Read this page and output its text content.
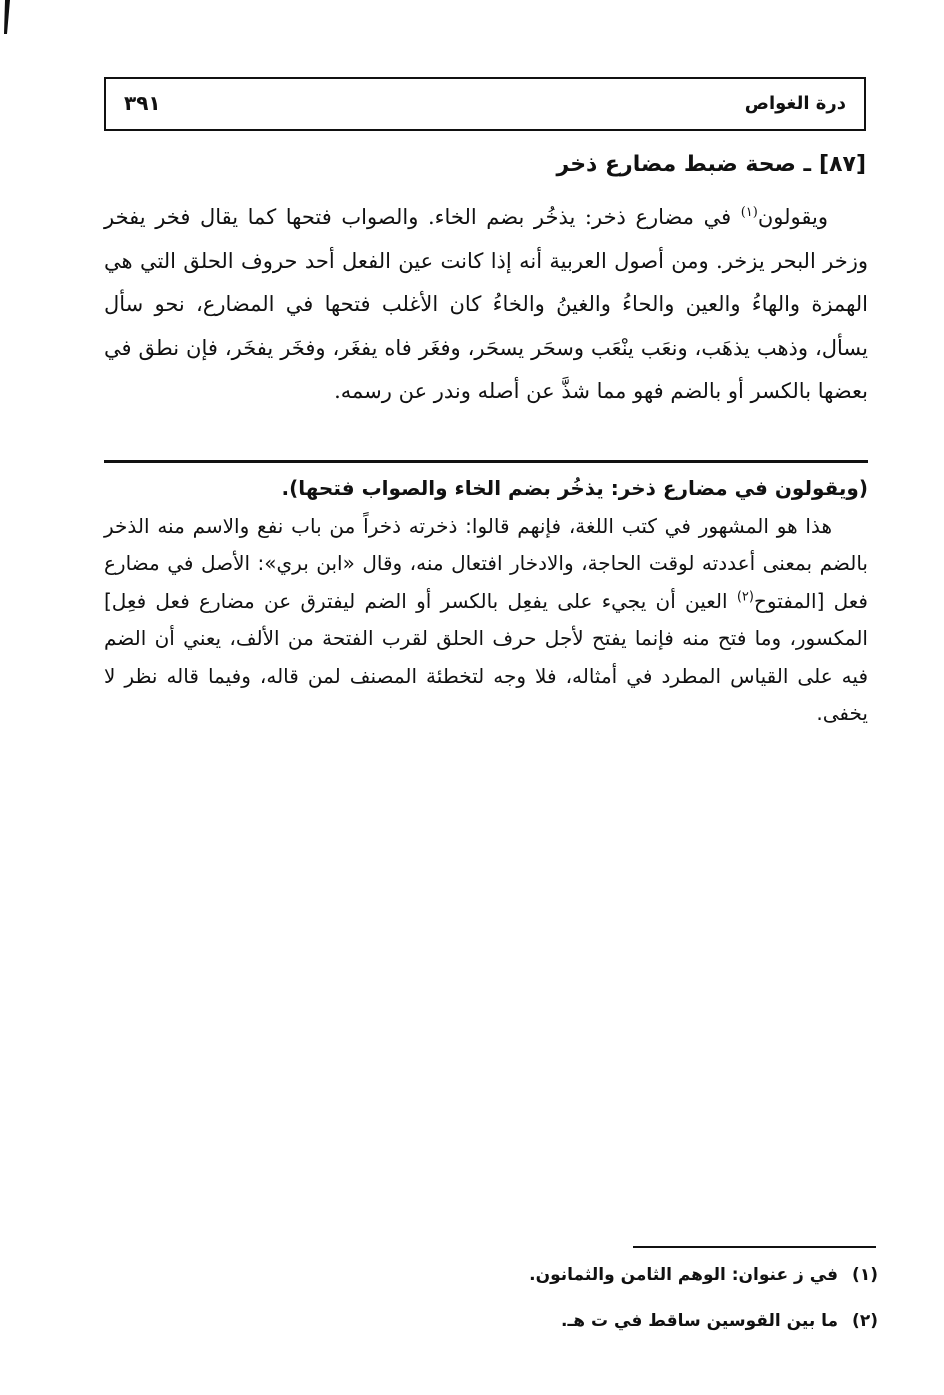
درة الغواص
٣٩١
[٨٧]ـ صحة ضبط مضارع ذخر

ويقولون$^{(١)}$ في مضارع ذخر: يذخُر بضم الخاء. والصواب فتحها كما يقال فخر يفخر وزخر البحر يزخر. ومن أصول العربية أنه إذا كانت عين الفعل أحد حروف الحلق التي هي الهمزة والهاءُ والعين والحاءُ والغينُ والخاءُ كان الأغلب فتحها في المضارع، نحو سأل يسأل، وذهب يذهَب، ونعَب ينْعَب وسحَر يسحَر، وفغَر فاه يفغَر، وفخَر يفخَر، فإن نطق في بعضها بالكسر أو بالضم فهو مما شذَّ عن أصله وندر عن رسمه.

(ويقولون في مضارع ذخر: يذخُر بضم الخاء والصواب فتحها).

هذا هو المشهور في كتب اللغة، فإنهم قالوا: ذخرته ذخراً من باب نفع والاسم منه الذخر بالضم بمعنى أعددته لوقت الحاجة، والادخار افتعال منه، وقال «ابن بري»: الأصل في مضارع فعل [المفتوح$^{(٢)}$ العين أن يجيء على يفعِل بالكسر أو الضم ليفترق عن مضارع فعل فعِل] المكسور، وما فتح منه فإنما يفتح لأجل حرف الحلق لقرب الفتحة من الألف، يعني أن الضم فيه على القياس المطرد في أمثاله، فلا وجه لتخطئة المصنف لمن قاله، وفيما قاله نظر لا يخفى.

(١)في ز عنوان: الوهم الثامن والثمانون.
(٢)ما بين القوسين ساقط في ت هـ.
